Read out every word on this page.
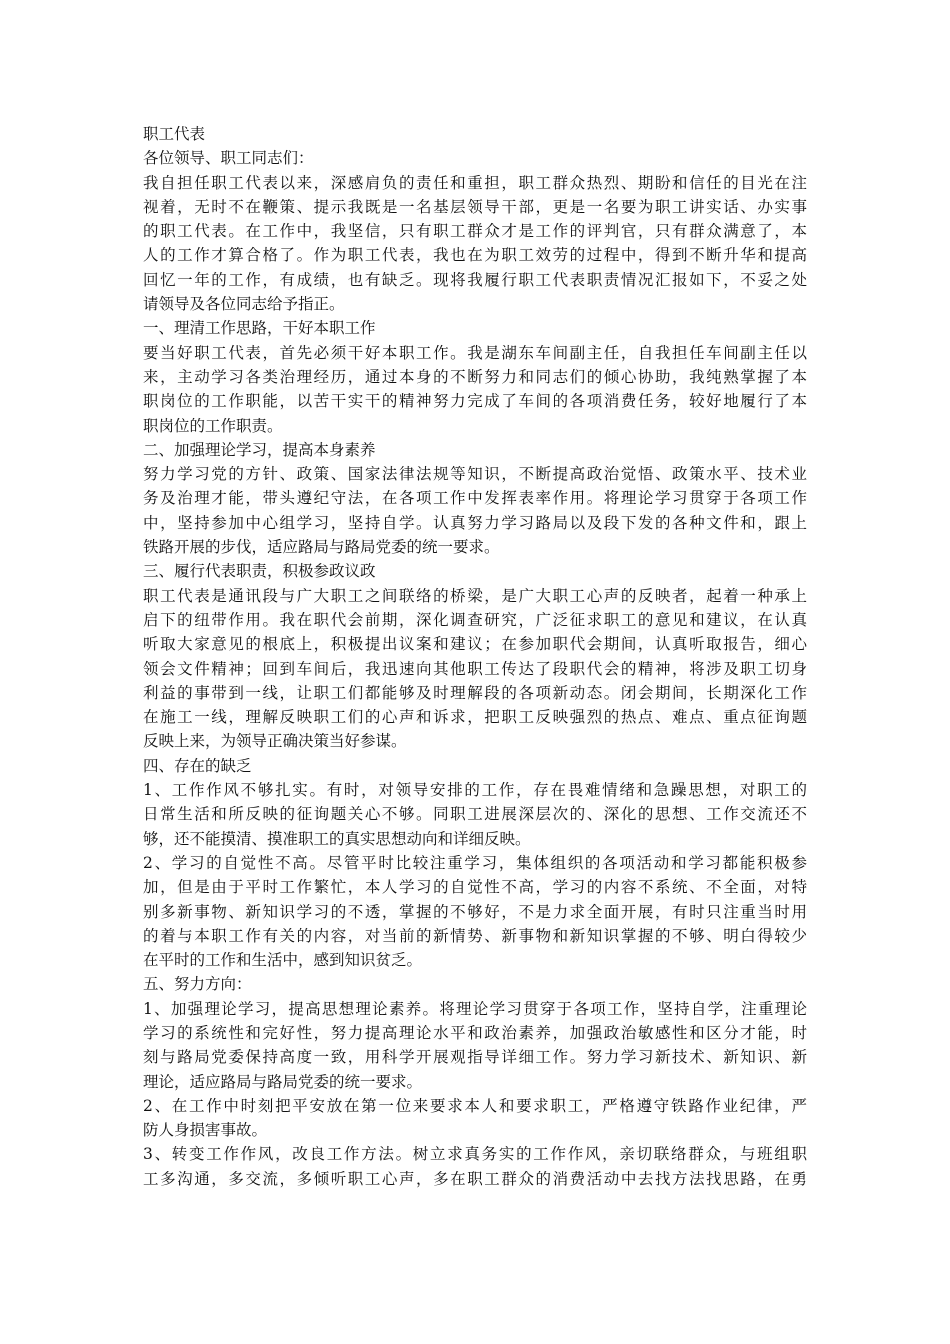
职工代表
各位领导、职工同志们：
我自担任职工代表以来，深感肩负的责任和重担，职工群众热烈、期盼和信任的目光在注
视着，无时不在鞭策、提示我既是一名基层领导干部，更是一名要为职工讲实话、办实事
的职工代表。在工作中，我坚信，只有职工群众才是工作的评判官，只有群众满意了，本
人的工作才算合格了。作为职工代表，我也在为职工效劳的过程中，得到不断升华和提高
回忆一年的工作，有成绩，也有缺乏。现将我履行职工代表职责情况汇报如下，不妥之处
请领导及各位同志给予指正。
一、理清工作思路，干好本职工作
要当好职工代表，首先必须干好本职工作。我是湖东车间副主任，自我担任车间副主任以
来，主动学习各类治理经历，通过本身的不断努力和同志们的倾心协助，我纯熟掌握了本
职岗位的工作职能，以苦干实干的精神努力完成了车间的各项消费任务，较好地履行了本
职岗位的工作职责。
二、加强理论学习，提高本身素养
努力学习党的方针、政策、国家法律法规等知识，不断提高政治觉悟、政策水平、技术业
务及治理才能，带头遵纪守法，在各项工作中发挥表率作用。将理论学习贯穿于各项工作
中，坚持参加中心组学习，坚持自学。认真努力学习路局以及段下发的各种文件和，跟上
铁路开展的步伐，适应路局与路局党委的统一要求。
三、履行代表职责，积极参政议政
职工代表是通讯段与广大职工之间联络的桥梁，是广大职工心声的反映者，起着一种承上
启下的纽带作用。我在职代会前期，深化调查研究，广泛征求职工的意见和建议，在认真
听取大家意见的根底上，积极提出议案和建议；在参加职代会期间，认真听取报告，细心
领会文件精神；回到车间后，我迅速向其他职工传达了段职代会的精神，将涉及职工切身
利益的事带到一线，让职工们都能够及时理解段的各项新动态。闭会期间，长期深化工作
在施工一线，理解反映职工们的心声和诉求，把职工反映强烈的热点、难点、重点征询题
反映上来，为领导正确决策当好参谋。
四、存在的缺乏
1、工作作风不够扎实。有时，对领导安排的工作，存在畏难情绪和急躁思想，对职工的
日常生活和所反映的征询题关心不够。同职工进展深层次的、深化的思想、工作交流还不
够，还不能摸清、摸准职工的真实思想动向和详细反映。
2、学习的自觉性不高。尽管平时比较注重学习，集体组织的各项活动和学习都能积极参
加，但是由于平时工作繁忙，本人学习的自觉性不高，学习的内容不系统、不全面，对特
别多新事物、新知识学习的不透，掌握的不够好，不是力求全面开展，有时只注重当时用
的着与本职工作有关的内容，对当前的新情势、新事物和新知识掌握的不够、明白得较少
在平时的工作和生活中，感到知识贫乏。
五、努力方向：
1、加强理论学习，提高思想理论素养。将理论学习贯穿于各项工作，坚持自学，注重理论
学习的系统性和完好性，努力提高理论水平和政治素养，加强政治敏感性和区分才能，时
刻与路局党委保持高度一致，用科学开展观指导详细工作。努力学习新技术、新知识、新
理论，适应路局与路局党委的统一要求。
2、在工作中时刻把平安放在第一位来要求本人和要求职工，严格遵守铁路作业纪律，严
防人身损害事故。
3、转变工作作风，改良工作方法。树立求真务实的工作作风，亲切联络群众，与班组职
工多沟通，多交流，多倾听职工心声，多在职工群众的消费活动中去找方法找思路，在勇
